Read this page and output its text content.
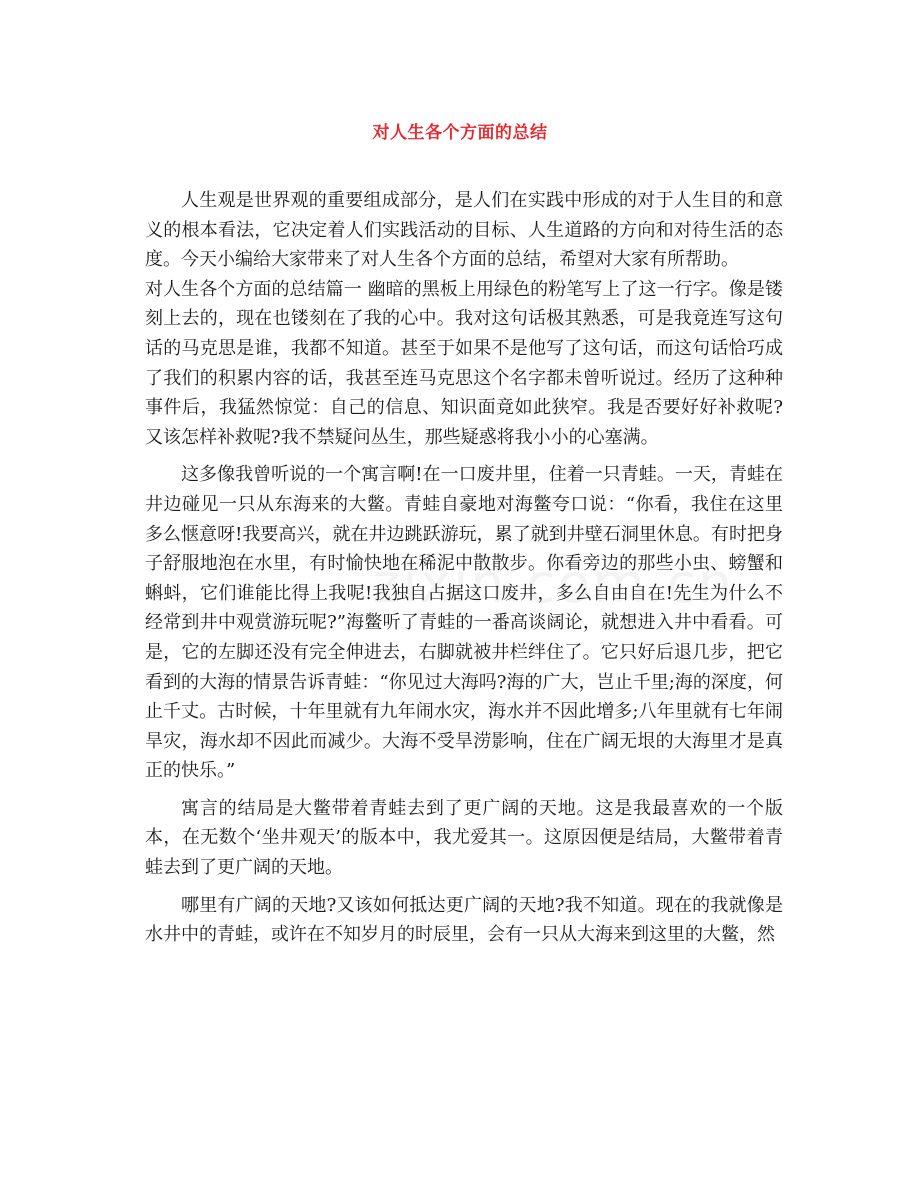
对人生各个方面的总结

人生观是世界观的重要组成部分，是人们在实践中形成的对于人生目的和意义的根本看法，它决定着人们实践活动的目标、人生道路的方向和对待生活的态度。今天小编给大家带来了对人生各个方面的总结，希望对大家有所帮助。

对人生各个方面的总结篇一 幽暗的黑板上用绿色的粉笔写上了这一行字。像是镂刻上去的，现在也镂刻在了我的心中。我对这句话极其熟悉，可是我竟连写这句话的马克思是谁，我都不知道。甚至于如果不是他写了这句话，而这句话恰巧成了我们的积累内容的话，我甚至连马克思这个名字都未曾听说过。经历了这种种事件后，我猛然惊觉：自己的信息、知识面竟如此狭窄。我是否要好好补救呢?又该怎样补救呢?我不禁疑问丛生，那些疑惑将我小小的心塞满。

这多像我曾听说的一个寓言啊!在一口废井里，住着一只青蛙。一天，青蛙在井边碰见一只从东海来的大鳖。青蛙自豪地对海鳖夸口说：“你看，我住在这里多么惬意呀!我要高兴，就在井边跳跃游玩，累了就到井壁石洞里休息。有时把身子舒服地泡在水里，有时愉快地在稀泥中散散步。你看旁边的那些小虫、螃蟹和蝌蚪，它们谁能比得上我呢!我独自占据这口废井，多么自由自在!先生为什么不经常到井中观赏游玩呢?”海鳖听了青蛙的一番高谈阔论，就想进入井中看看。可是，它的左脚还没有完全伸进去，右脚就被井栏绊住了。它只好后退几步，把它看到的大海的情景告诉青蛙：“你见过大海吗?海的广大，岂止千里;海的深度，何止千丈。古时候，十年里就有九年闹水灾，海水并不因此增多;八年里就有七年闹旱灾，海水却不因此而减少。大海不受旱涝影响，住在广阔无垠的大海里才是真正的快乐。”

寓言的结局是大鳖带着青蛙去到了更广阔的天地。这是我最喜欢的一个版本，在无数个‘坐井观天’的版本中，我尤爱其一。这原因便是结局，大鳖带着青蛙去到了更广阔的天地。

哪里有广阔的天地?又该如何抵达更广阔的天地?我不知道。现在的我就像是水井中的青蛙，或许在不知岁月的时辰里，会有一只从大海来到这里的大鳖，然
